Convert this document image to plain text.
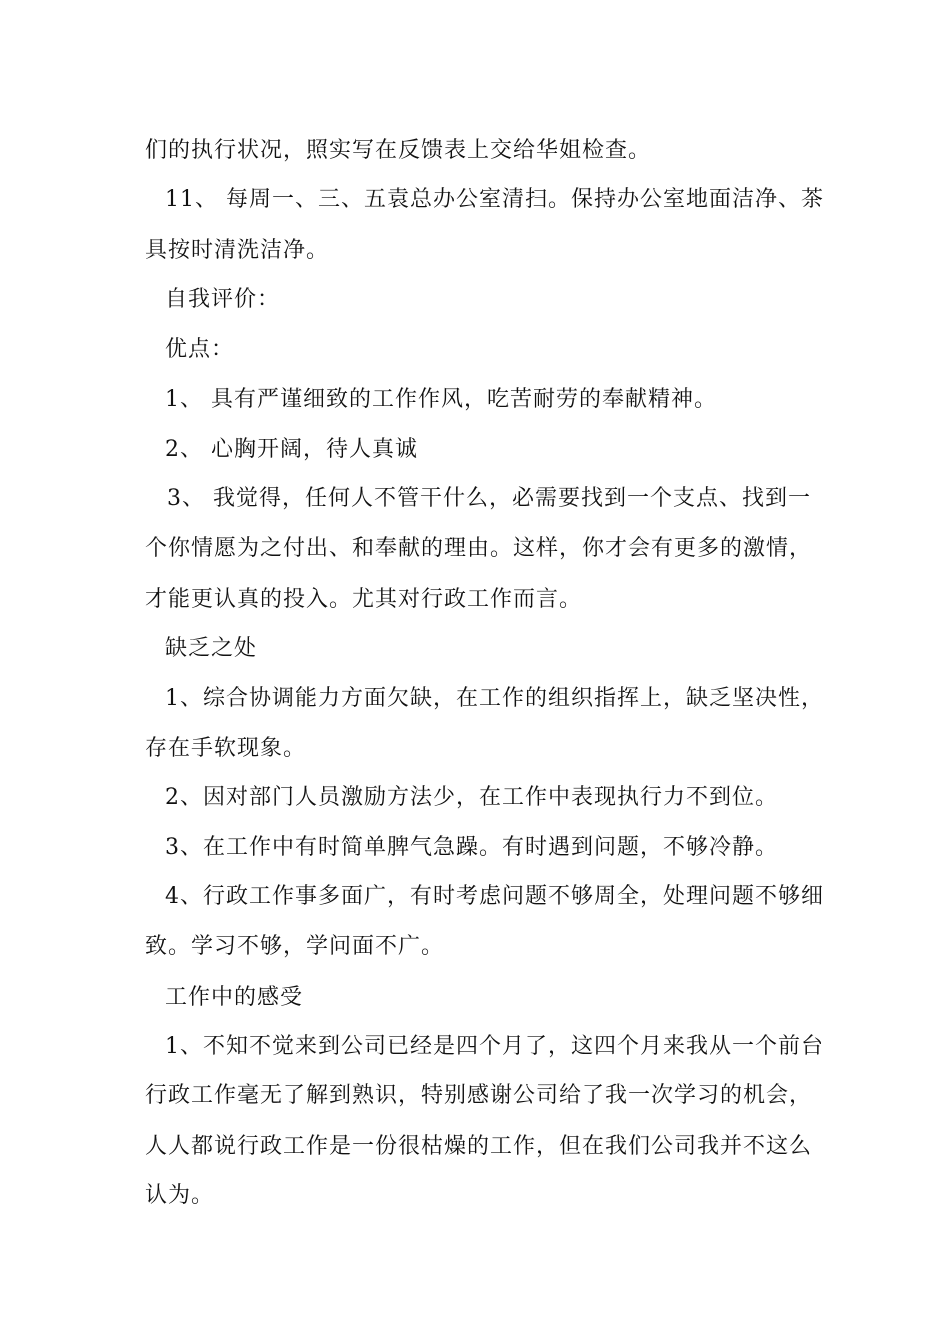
们的执行状况，照实写在反馈表上交给华姐检查。
11、 每周一、三、五袁总办公室清扫。保持办公室地面洁净、茶
具按时清洗洁净。
自我评价：
优点：
1、 具有严谨细致的工作作风，吃苦耐劳的奉献精神。
2、 心胸开阔，待人真诚
3、 我觉得，任何人不管干什么，必需要找到一个支点、找到一
个你情愿为之付出、和奉献的理由。这样，你才会有更多的激情，
才能更认真的投入。尤其对行政工作而言。
缺乏之处
1、综合协调能力方面欠缺，在工作的组织指挥上，缺乏坚决性，
存在手软现象。
2、因对部门人员激励方法少，在工作中表现执行力不到位。
3、在工作中有时简单脾气急躁。有时遇到问题，不够冷静。
4、行政工作事多面广，有时考虑问题不够周全，处理问题不够细
致。学习不够，学问面不广。
工作中的感受
1、不知不觉来到公司已经是四个月了，这四个月来我从一个前台
行政工作毫无了解到熟识，特别感谢公司给了我一次学习的机会，
人人都说行政工作是一份很枯燥的工作，但在我们公司我并不这么
认为。
